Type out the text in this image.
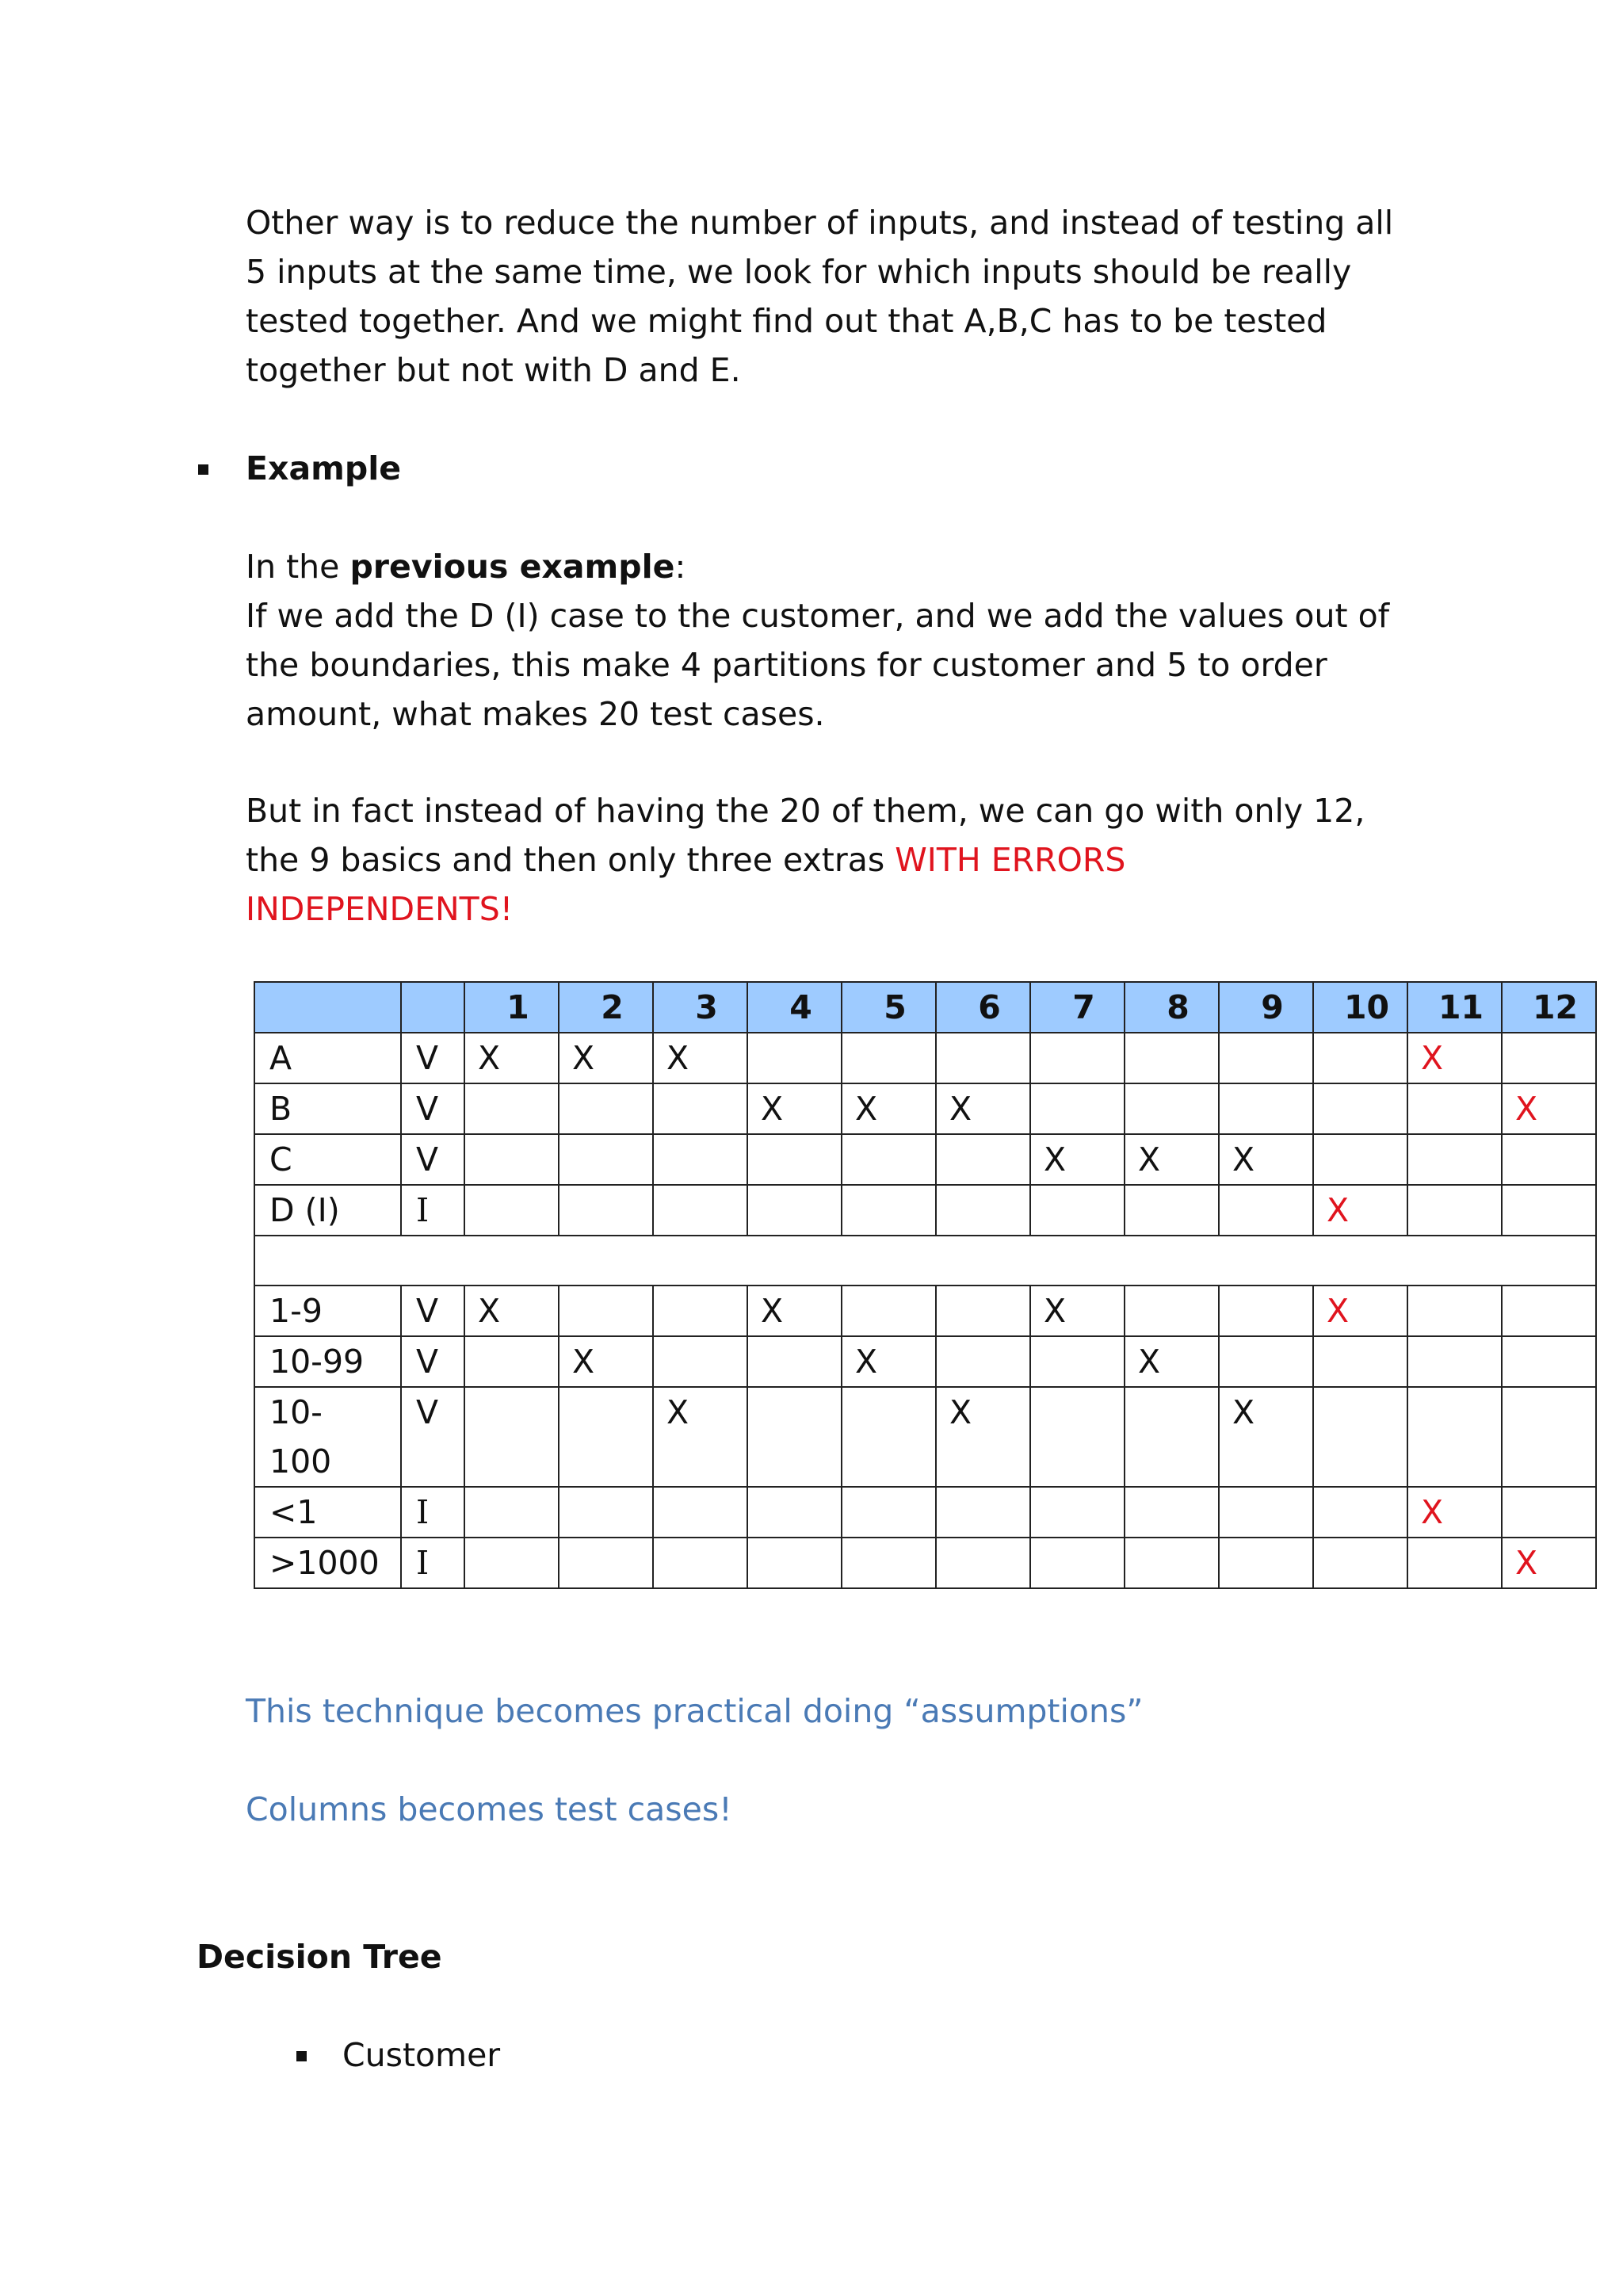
Other way is to reduce the number of inputs, and instead of testing all
5 inputs at the same time, we look for which inputs should be really
tested together. And we might find out that A,B,C has to be tested
together but not with D and E.
Example
In the previous example:
If we add the D (I) case to the customer, and we add the values out of
the boundaries, this make 4 partitions for customer and 5 to order
amount, what makes 20 test cases.
But in fact instead of having the 20 of them, we can go with only 12,
the 9 basics and then only three extras WITH ERRORS
INDEPENDENTS!
		1	2	3	4	5	6	7	8	9	10	11	12
A	V	X	X	X								X	
B	V				X	X	X						X
C	V							X	X	X			
D (I)	I										X		

1-9	V	X			X			X			X		
10-99	V		X			X			X				
10-
100	V			X			X			X			
<1	I											X	
>1000	I												X
This technique becomes practical doing “assumptions”
Columns becomes test cases!
Decision Tree
Customer
